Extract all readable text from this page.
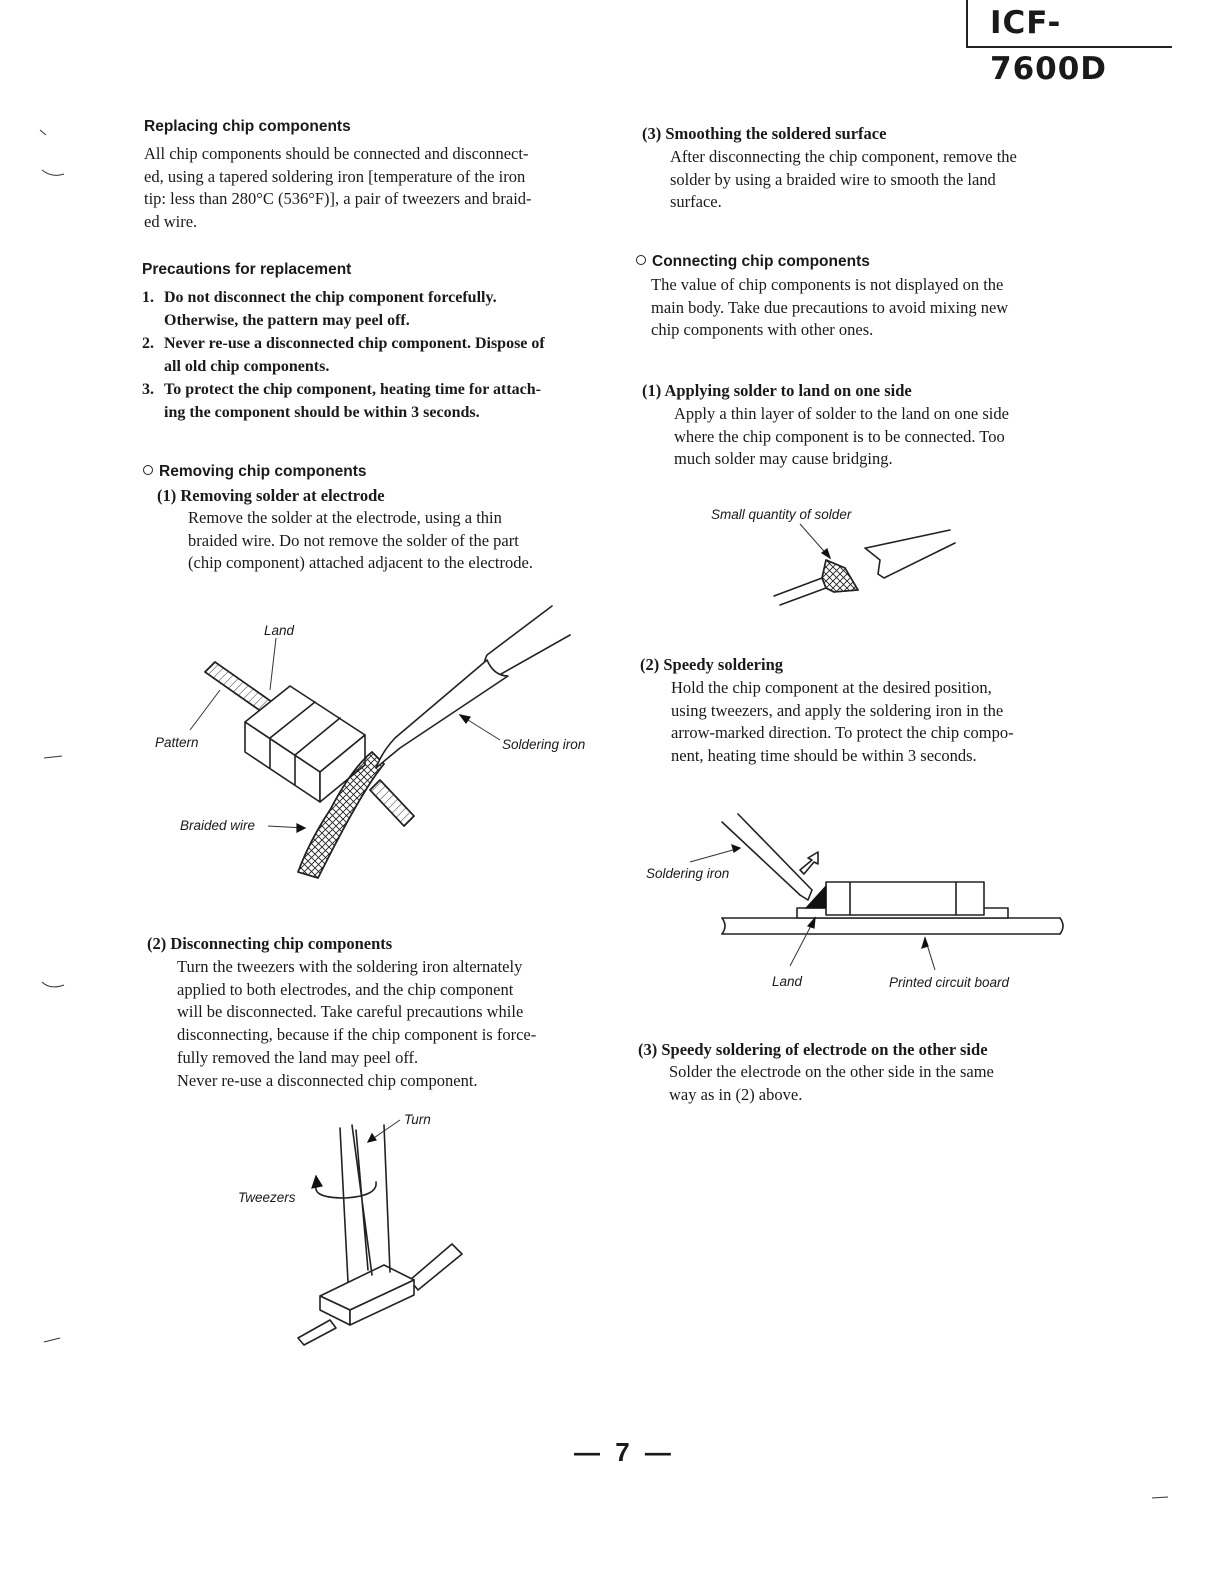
ICF-7600D
Replacing chip components
All chip components should be connected and disconnect-
ed, using a tapered soldering iron [temperature of the iron
tip: less than 280°C (536°F)], a pair of tweezers and braid-
ed wire.
Precautions for replacement
1. Do not disconnect the chip component forcefully.
Otherwise, the pattern may peel off.
2. Never re-use a disconnected chip component. Dispose of
all old chip components.
3. To protect the chip component, heating time for attach-
ing the component should be within 3 seconds.
Removing chip components
(1) Removing solder at electrode
Remove the solder at the electrode, using a thin
braided wire. Do not remove the solder of the part
(chip component) attached adjacent to the electrode.
Land
Pattern	Soldering iron
Braided wire
(2) Disconnecting chip components
Turn the tweezers with the soldering iron alternately
applied to both electrodes, and the chip component
will be disconnected. Take careful precautions while
disconnecting, because if the chip component is force-
fully removed the land may peel off.
Never re-use a disconnected chip component.
Turn
Tweezers
(3) Smoothing the soldered surface
After disconnecting the chip component, remove the
solder by using a braided wire to smooth the land
surface.
Connecting chip components
The value of chip components is not displayed on the
main body. Take due precautions to avoid mixing new
chip components with other ones.
(1) Applying solder to land on one side
Apply a thin layer of solder to the land on one side
where the chip component is to be connected. Too
much solder may cause bridging.
Small quantity of solder
(2) Speedy soldering
Hold the chip component at the desired position,
using tweezers, and apply the soldering iron in the
arrow-marked direction. To protect the chip compo-
nent, heating time should be within 3 seconds.
Soldering iron
Land	Printed circuit board
(3) Speedy soldering of electrode on the other side
Solder the electrode on the other side in the same
way as in (2) above.
— 7 —
